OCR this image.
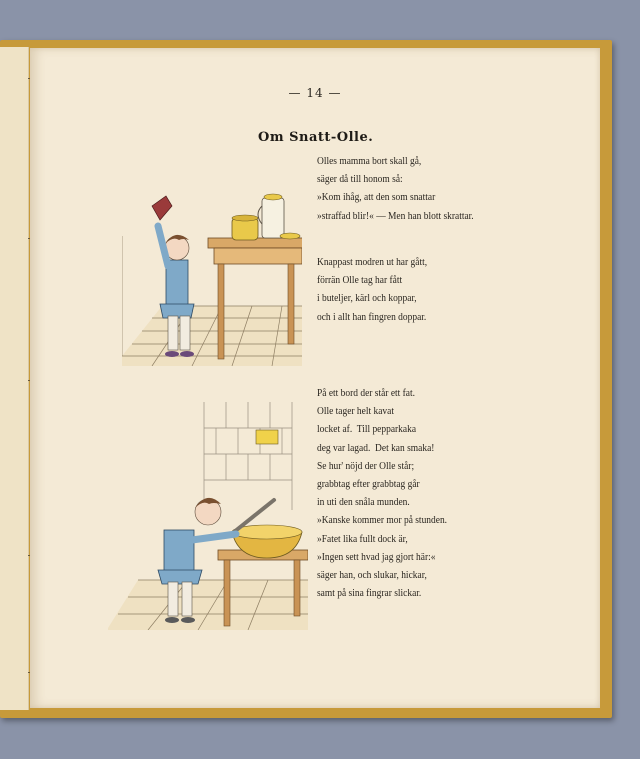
— 14 —
Om Snatt-Olle.
Olles mamma bort skall gå,
säger då till honom så:
»Kom ihåg, att den som snattar
»straffad blir!« — Men han blott skrattar.
Knappast modren ut har gått,
förrän Olle tag har fått
i buteljer, kärl och koppar,
och i allt han fingren doppar.
På ett bord der står ett fat.
Olle tager helt kavat
locket af.  Till pepparkaka
deg var lagad.  Det kan smaka!
Se hur' nöjd der Olle står;
grabbtag efter grabbtag går
in uti den snåla munden.
»Kanske kommer mor på stunden.
»Fatet lika fullt dock är,
»Ingen sett hvad jag gjort här:«
säger han, och slukar, hickar,
samt på sina fingrar slickar.
